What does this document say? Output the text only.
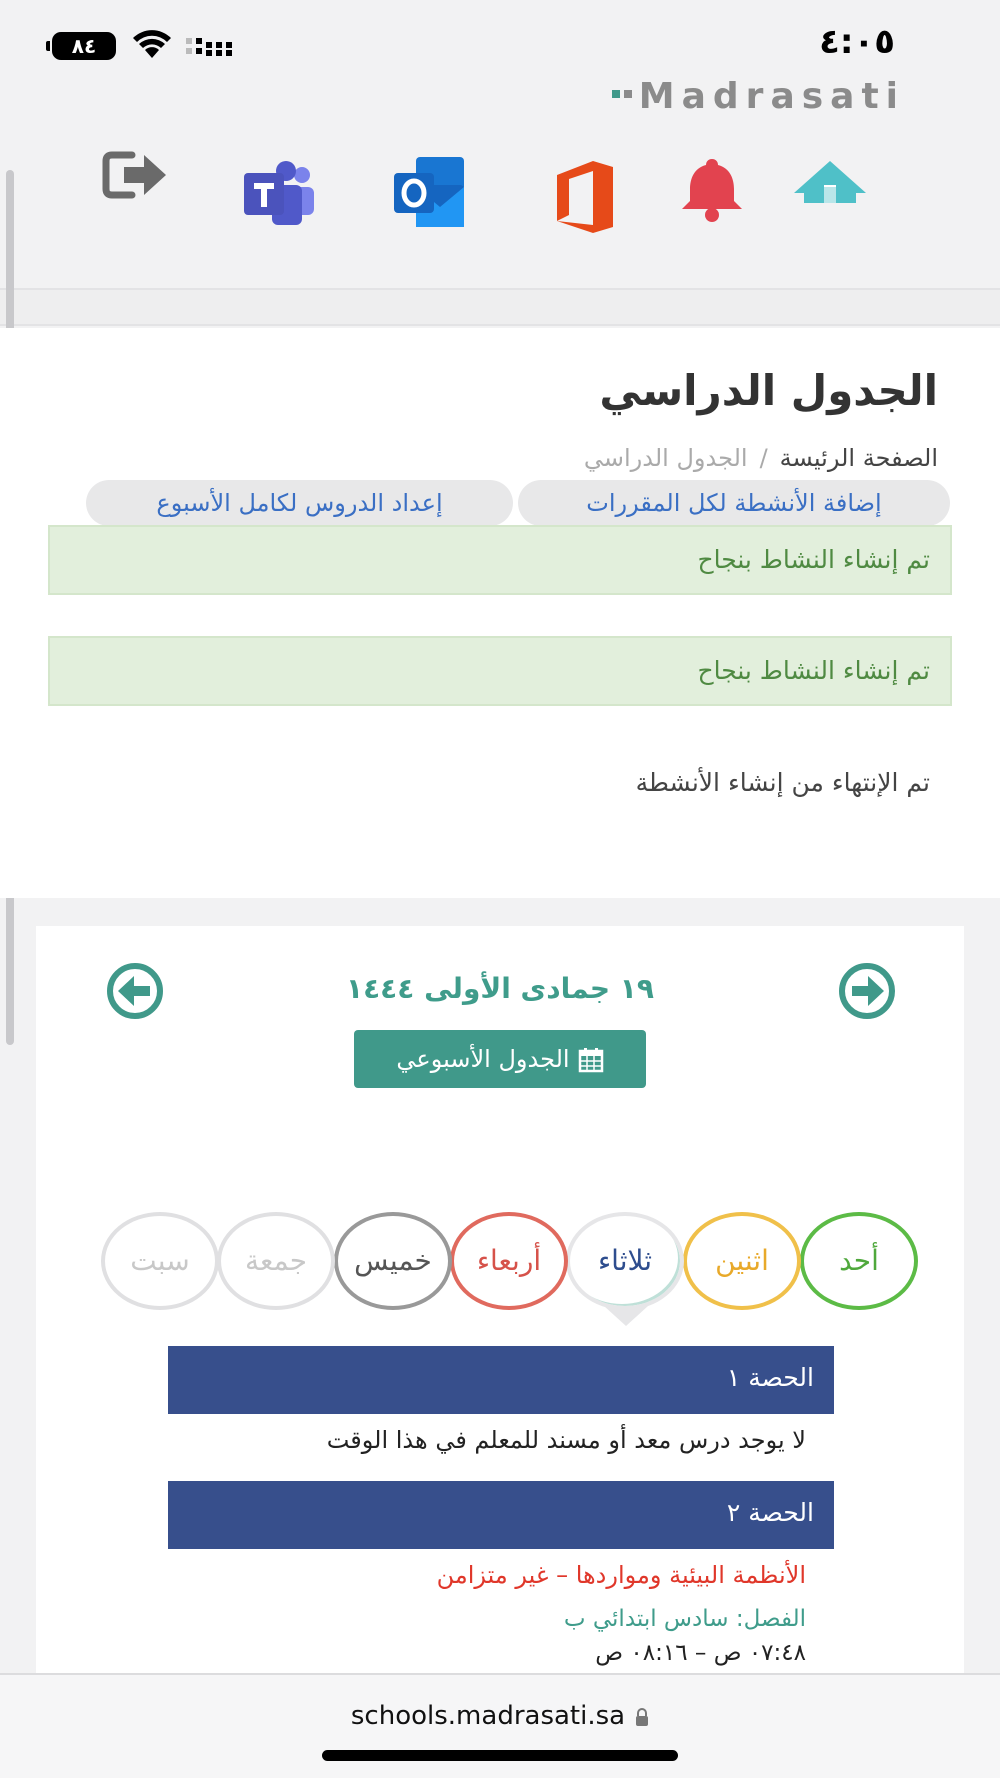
٤:٠٥
٨٤
Madrasati
الجدول الدراسي
الصفحة الرئيسة/الجدول الدراسي
إضافة الأنشطة لكل المقررات
إعداد الدروس لكامل الأسبوع
تم إنشاء النشاط بنجاح
تم إنشاء النشاط بنجاح
تم الإنتهاء من إنشاء الأنشطة
١٩ جمادى الأولى ١٤٤٤
الجدول الأسبوعي
أحد
اثنين
ثلاثاء
أربعاء
خميس
جمعة
سبت
الحصة ١
لا يوجد درس معد أو مسند للمعلم في هذا الوقت
الحصة ٢
الأنظمة البيئية ومواردها – غير متزامن
الفصل: سادس ابتدائي ب
٠٧:٤٨ ص – ٠٨:١٦ ص
schools.madrasati.sa
